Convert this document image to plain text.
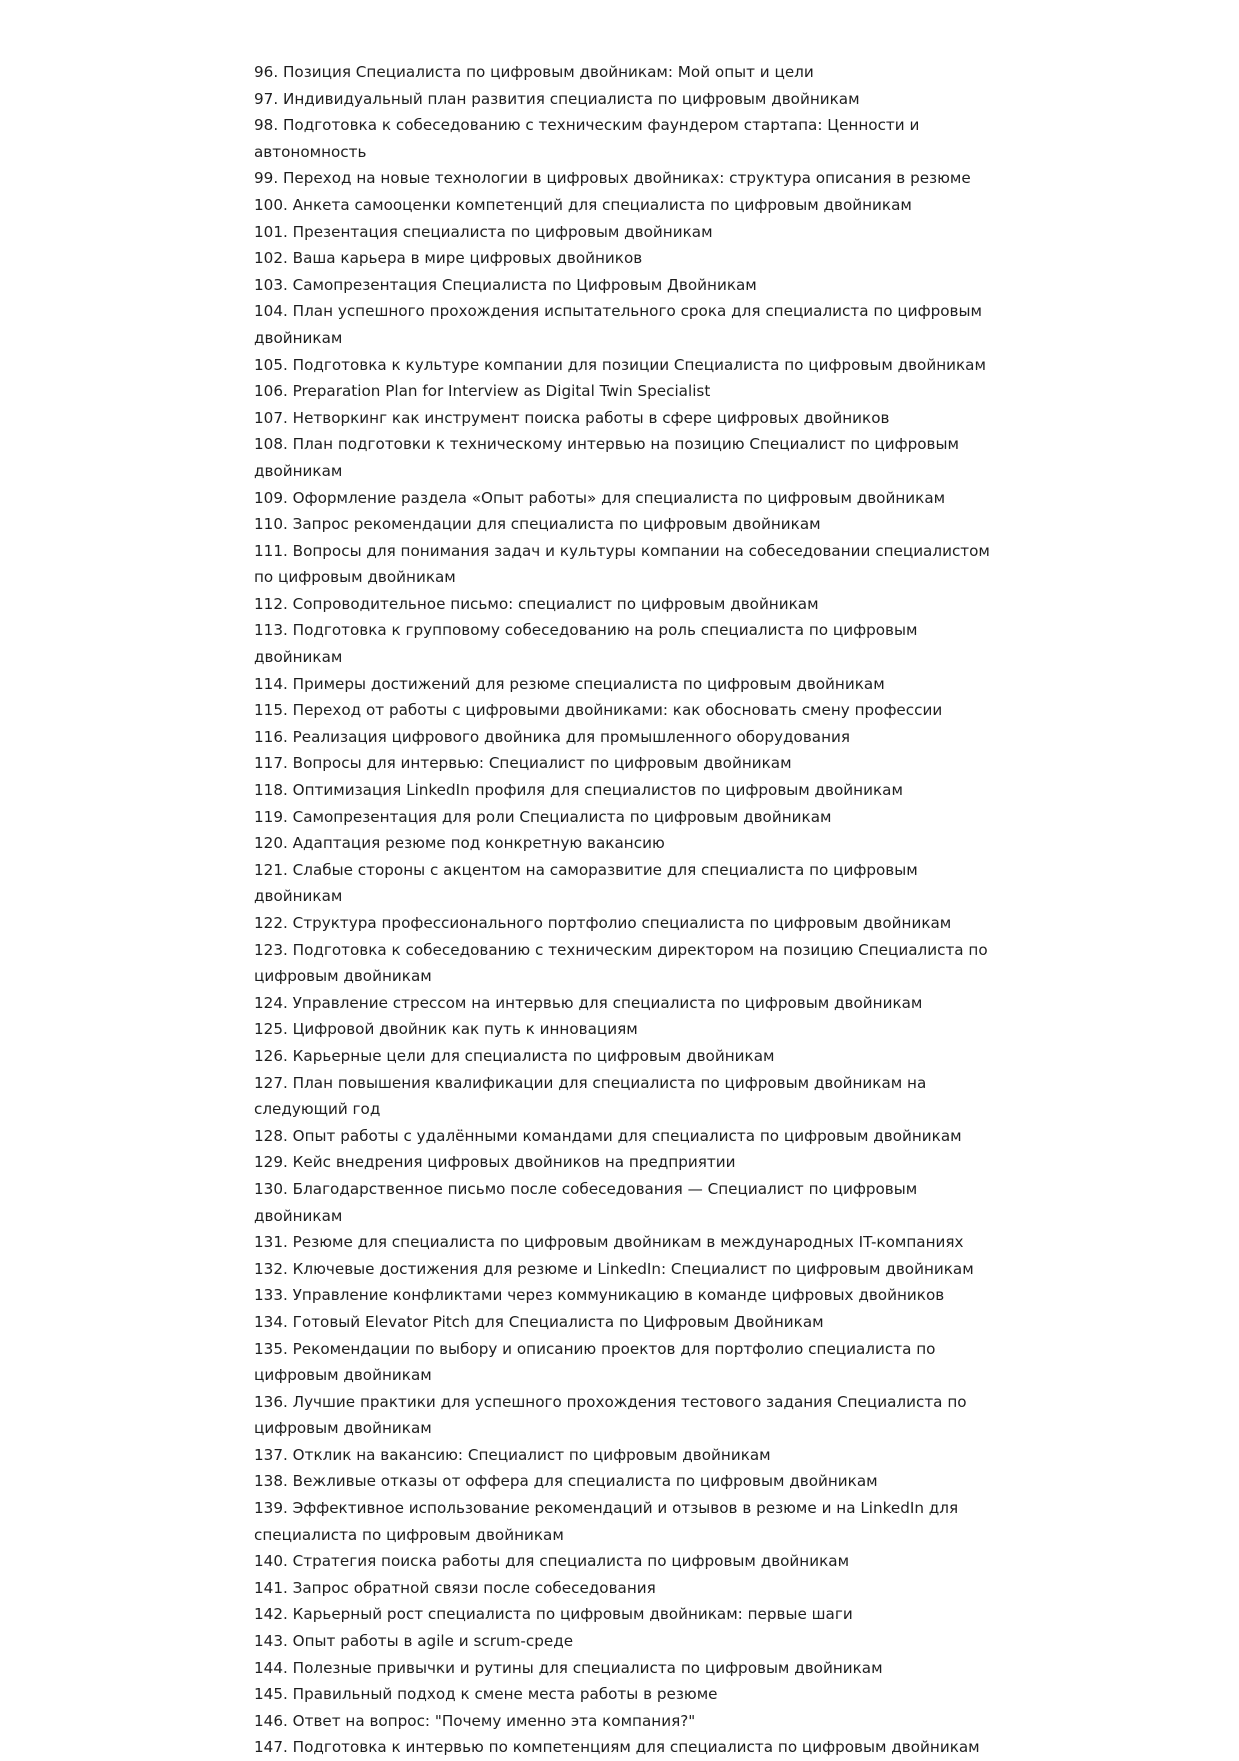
96. Позиция Специалиста по цифровым двойникам: Мой опыт и цели
97. Индивидуальный план развития специалиста по цифровым двойникам
98. Подготовка к собеседованию с техническим фаундером стартапа: Ценности и автономность
99. Переход на новые технологии в цифровых двойниках: структура описания в резюме
100. Анкета самооценки компетенций для специалиста по цифровым двойникам
101. Презентация специалиста по цифровым двойникам
102. Ваша карьера в мире цифровых двойников
103. Самопрезентация Специалиста по Цифровым Двойникам
104. План успешного прохождения испытательного срока для специалиста по цифровым двойникам
105. Подготовка к культуре компании для позиции Специалиста по цифровым двойникам
106. Preparation Plan for Interview as Digital Twin Specialist
107. Нетворкинг как инструмент поиска работы в сфере цифровых двойников
108. План подготовки к техническому интервью на позицию Специалист по цифровым двойникам
109. Оформление раздела «Опыт работы» для специалиста по цифровым двойникам
110. Запрос рекомендации для специалиста по цифровым двойникам
111. Вопросы для понимания задач и культуры компании на собеседовании специалистом по цифровым двойникам
112. Сопроводительное письмо: специалист по цифровым двойникам
113. Подготовка к групповому собеседованию на роль специалиста по цифровым двойникам
114. Примеры достижений для резюме специалиста по цифровым двойникам
115. Переход от работы с цифровыми двойниками: как обосновать смену профессии
116. Реализация цифрового двойника для промышленного оборудования
117. Вопросы для интервью: Специалист по цифровым двойникам
118. Оптимизация LinkedIn профиля для специалистов по цифровым двойникам
119. Самопрезентация для роли Специалиста по цифровым двойникам
120. Адаптация резюме под конкретную вакансию
121. Слабые стороны с акцентом на саморазвитие для специалиста по цифровым двойникам
122. Структура профессионального портфолио специалиста по цифровым двойникам
123. Подготовка к собеседованию с техническим директором на позицию Специалиста по цифровым двойникам
124. Управление стрессом на интервью для специалиста по цифровым двойникам
125. Цифровой двойник как путь к инновациям
126. Карьерные цели для специалиста по цифровым двойникам
127. План повышения квалификации для специалиста по цифровым двойникам на следующий год
128. Опыт работы с удалёнными командами для специалиста по цифровым двойникам
129. Кейс внедрения цифровых двойников на предприятии
130. Благодарственное письмо после собеседования — Специалист по цифровым двойникам
131. Резюме для специалиста по цифровым двойникам в международных IT-компаниях
132. Ключевые достижения для резюме и LinkedIn: Специалист по цифровым двойникам
133. Управление конфликтами через коммуникацию в команде цифровых двойников
134. Готовый Elevator Pitch для Специалиста по Цифровым Двойникам
135. Рекомендации по выбору и описанию проектов для портфолио специалиста по цифровым двойникам
136. Лучшие практики для успешного прохождения тестового задания Специалиста по цифровым двойникам
137. Отклик на вакансию: Специалист по цифровым двойникам
138. Вежливые отказы от оффера для специалиста по цифровым двойникам
139. Эффективное использование рекомендаций и отзывов в резюме и на LinkedIn для специалиста по цифровым двойникам
140. Стратегия поиска работы для специалиста по цифровым двойникам
141. Запрос обратной связи после собеседования
142. Карьерный рост специалиста по цифровым двойникам: первые шаги
143. Опыт работы в agile и scrum-среде
144. Полезные привычки и рутины для специалиста по цифровым двойникам
145. Правильный подход к смене места работы в резюме
146. Ответ на вопрос: "Почему именно эта компания?"
147. Подготовка к интервью по компетенциям для специалиста по цифровым двойникам
